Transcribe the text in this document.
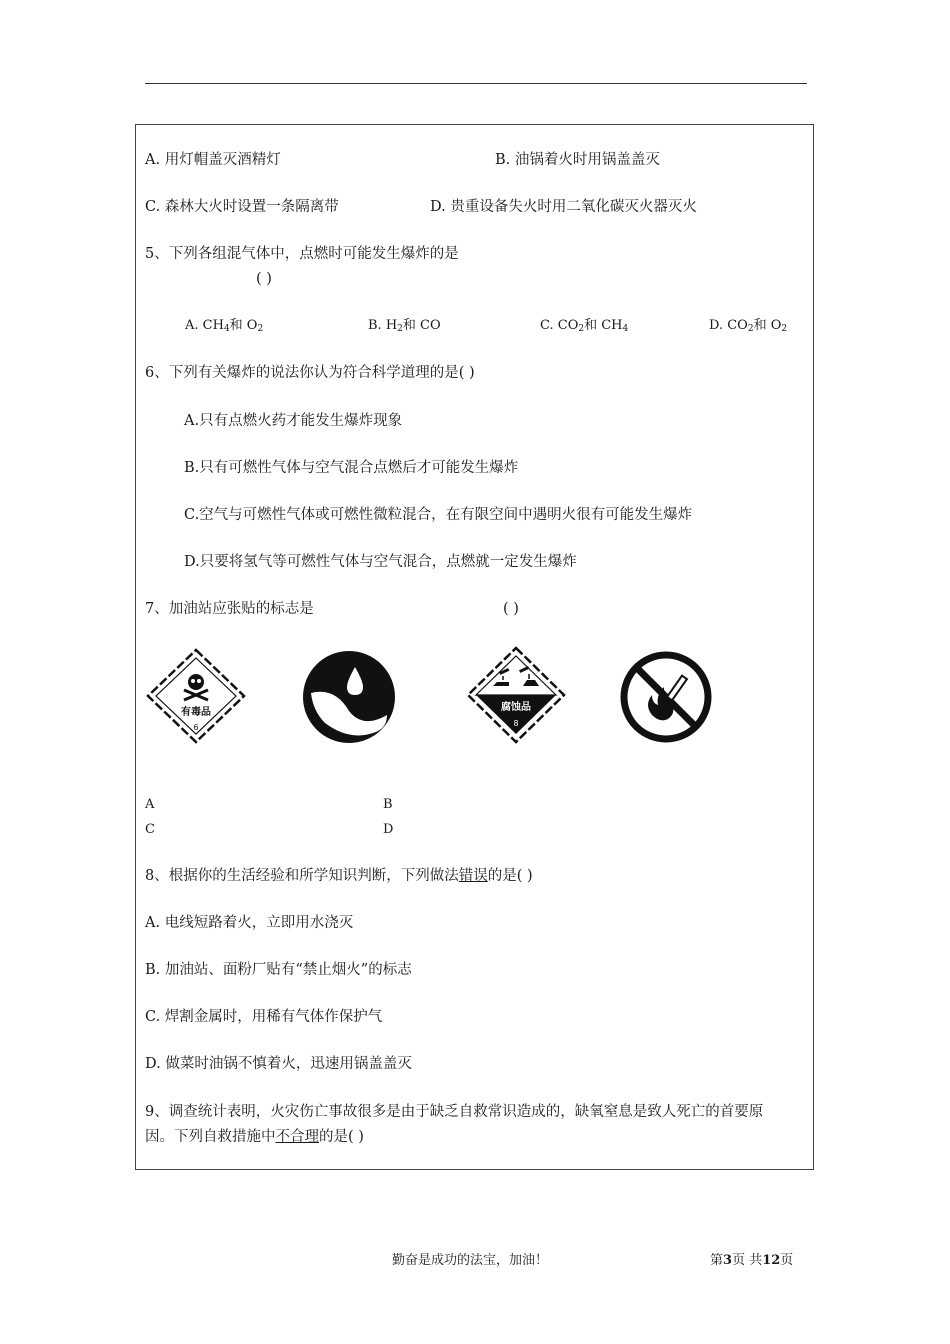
A. 用灯帽盖灭酒精灯	B. 油锅着火时用锅盖盖灭
C. 森林大火时设置一条隔离带	D. 贵重设备失火时用二氧化碳灭火器灭火
5、下列各组混气体中，点燃时可能发生爆炸的是
( )
A. $CH_4$和 $O_2$	B. $H_2$和 CO	C. $CO_2$和 $CH_4$	D. $CO_2$和 $O_2$
6、下列有关爆炸的说法你认为符合科学道理的是( )
A.只有点燃火药才能发生爆炸现象
B.只有可燃性气体与空气混合点燃后才可能发生爆炸
C.空气与可燃性气体或可燃性微粒混合，在有限空间中遇明火很有可能发生爆炸
D.只要将氢气等可燃性气体与空气混合，点燃就一定发生爆炸
7、加油站应张贴的标志是	( )
有毒品
6
腐蚀品
8
A	B
C	D
8、根据你的生活经验和所学知识判断，下列做法错误的是( )
A. 电线短路着火，立即用水浇灭
B. 加油站、面粉厂贴有“禁止烟火”的标志
C. 焊割金属时，用稀有气体作保护气
D. 做菜时油锅不慎着火，迅速用锅盖盖灭
9、调查统计表明，火灾伤亡事故很多是由于缺乏自救常识造成的，缺氧窒息是致人死亡的首要原
因。下列自救措施中不合理的是( )
勤奋是成功的法宝，加油！	第3页 共12页
